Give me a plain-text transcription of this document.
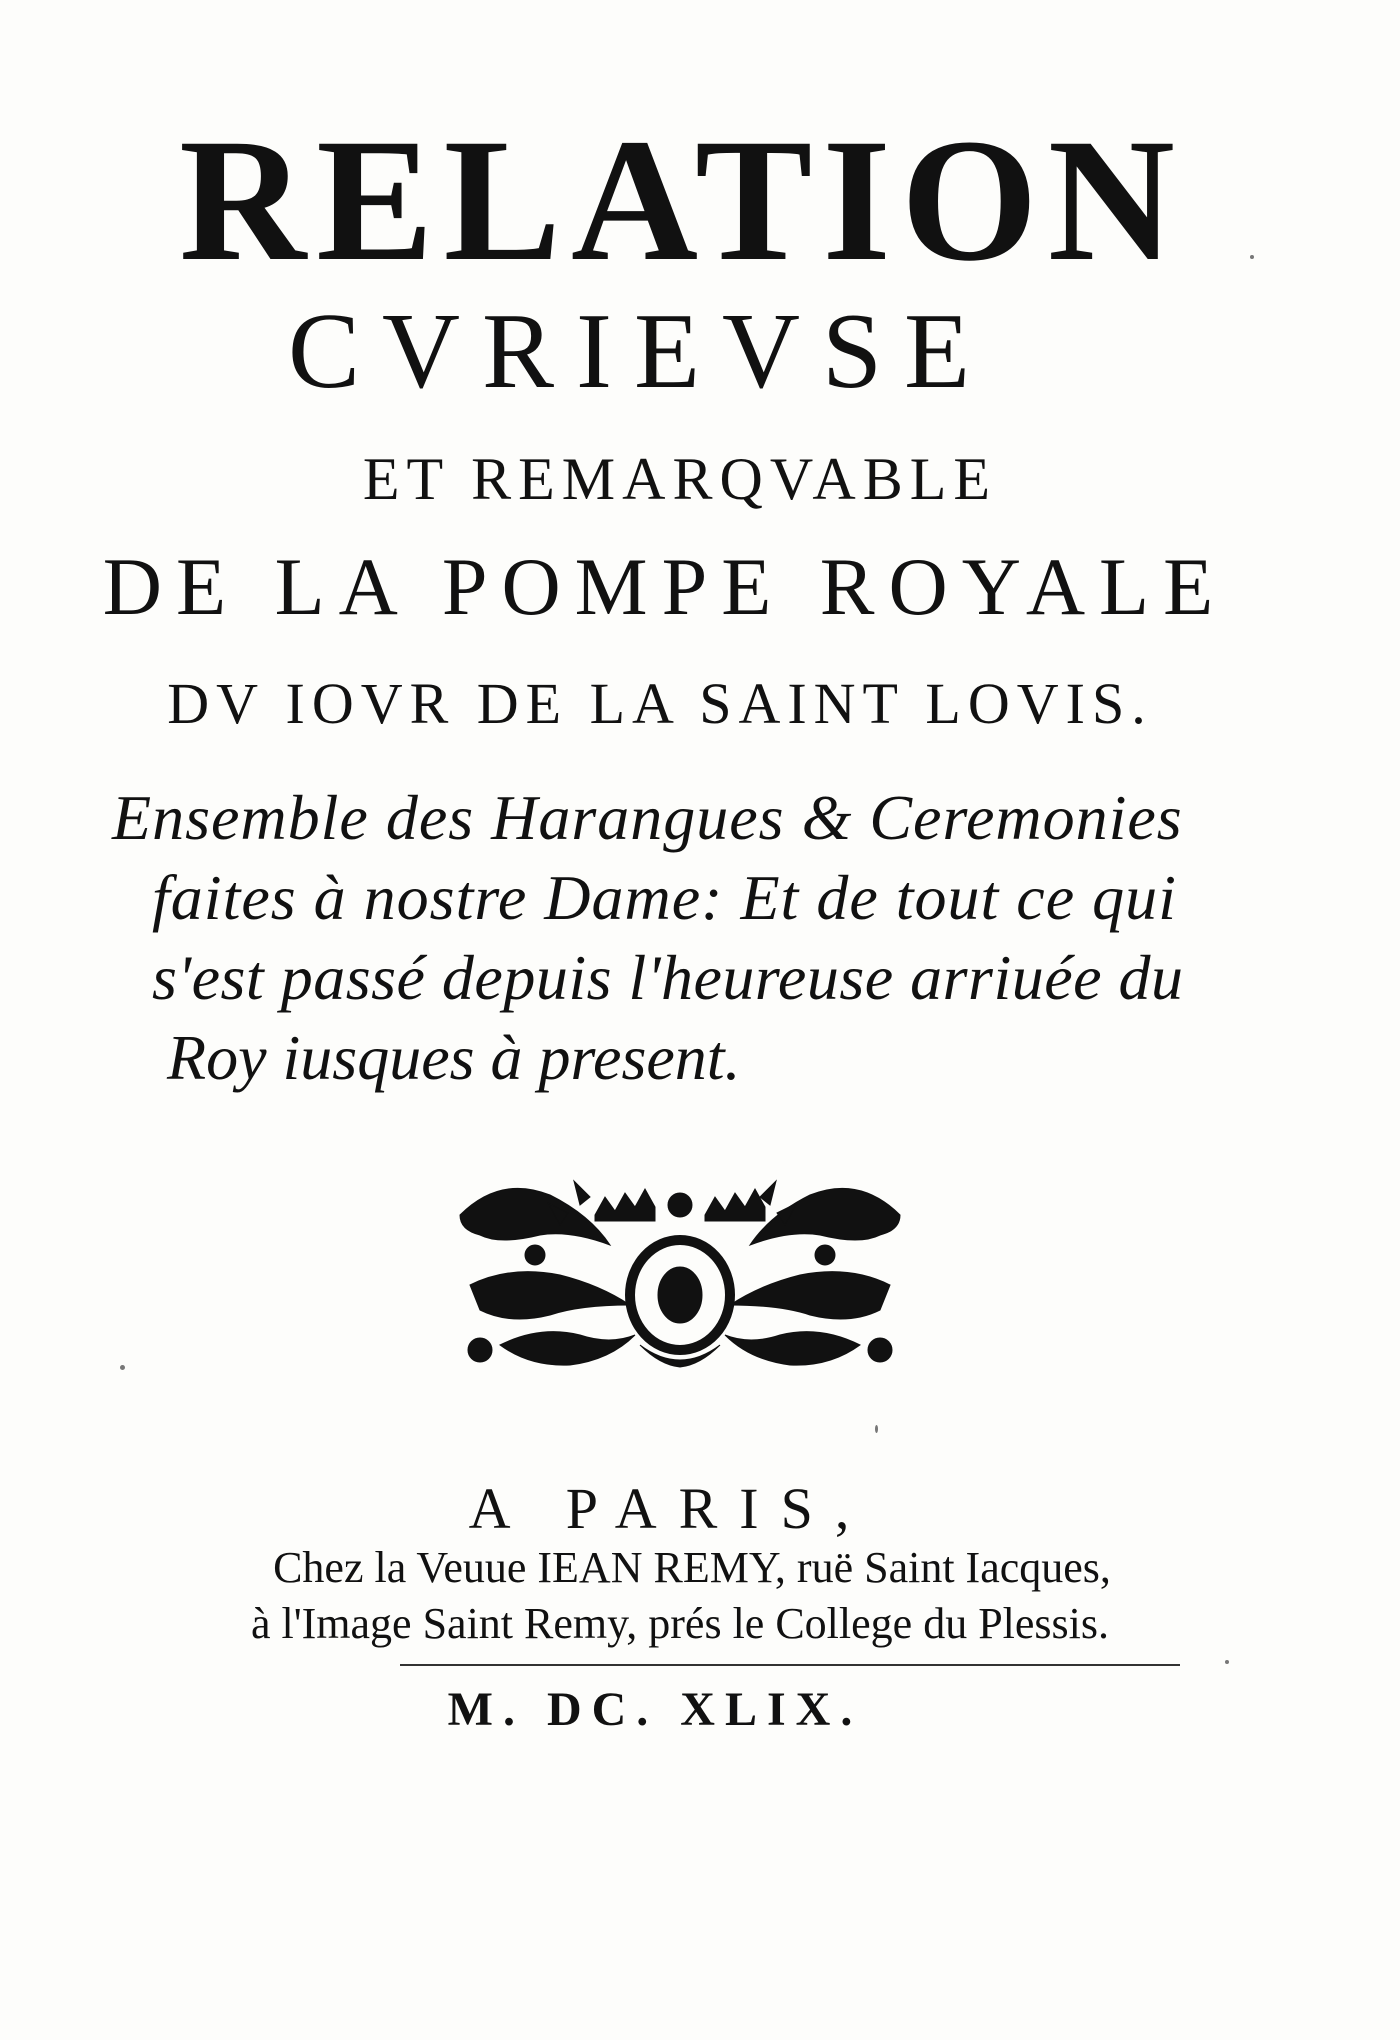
RELATION
CVRIEVSE
ET REMARQVABLE
DE LA POMPE ROYALE
DV IOVR DE LA SAINT LOVIS.
Ensemble des Harangues & Ceremonies
faites à nostre Dame: Et de tout ce qui
s'est passé depuis l'heureuse arriuée du
Roy iusques à present.
A PARIS,
Chez la Veuue IEAN REMY, ruë Saint Iacques,
à l'Image Saint Remy, prés le College du Plessis.
M. DC. XLIX.
